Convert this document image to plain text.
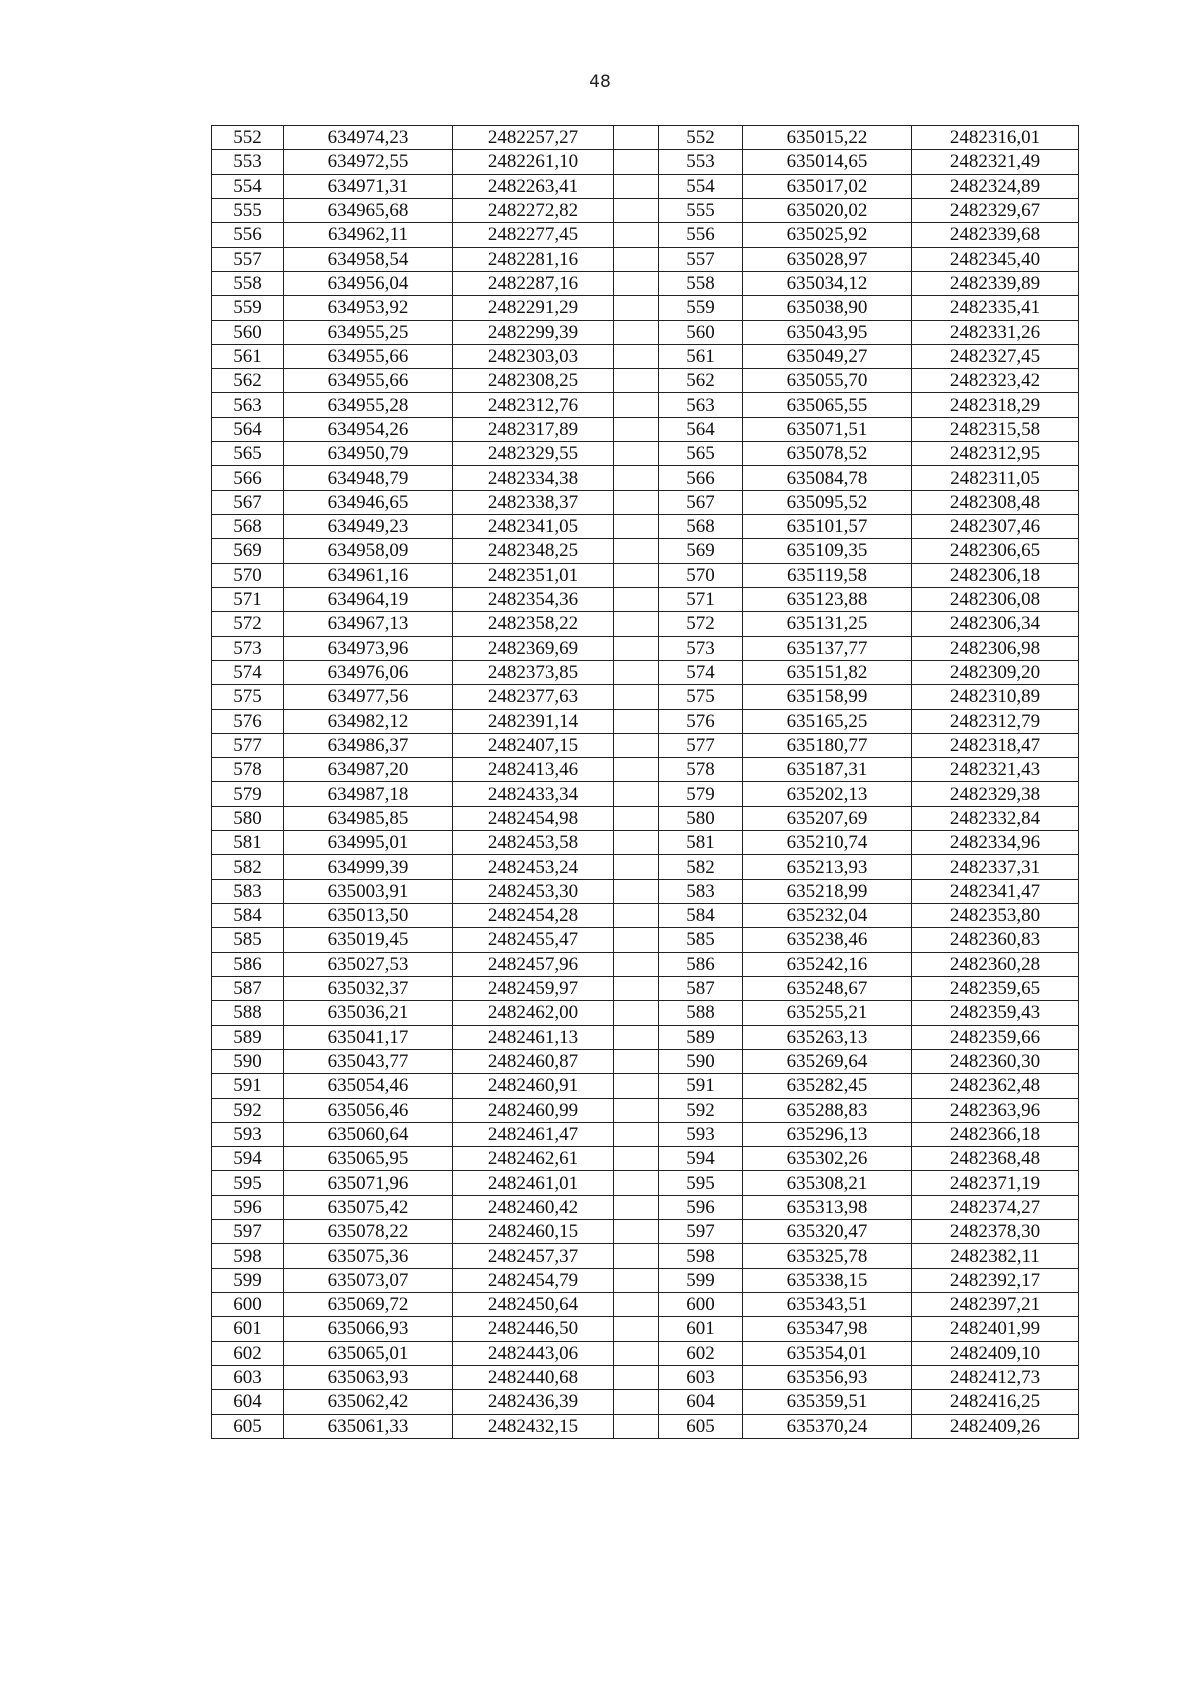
48
552	634974,23	2482257,27		552	635015,22	2482316,01
553	634972,55	2482261,10		553	635014,65	2482321,49
554	634971,31	2482263,41		554	635017,02	2482324,89
555	634965,68	2482272,82		555	635020,02	2482329,67
556	634962,11	2482277,45		556	635025,92	2482339,68
557	634958,54	2482281,16		557	635028,97	2482345,40
558	634956,04	2482287,16		558	635034,12	2482339,89
559	634953,92	2482291,29		559	635038,90	2482335,41
560	634955,25	2482299,39		560	635043,95	2482331,26
561	634955,66	2482303,03		561	635049,27	2482327,45
562	634955,66	2482308,25		562	635055,70	2482323,42
563	634955,28	2482312,76		563	635065,55	2482318,29
564	634954,26	2482317,89		564	635071,51	2482315,58
565	634950,79	2482329,55		565	635078,52	2482312,95
566	634948,79	2482334,38		566	635084,78	2482311,05
567	634946,65	2482338,37		567	635095,52	2482308,48
568	634949,23	2482341,05		568	635101,57	2482307,46
569	634958,09	2482348,25		569	635109,35	2482306,65
570	634961,16	2482351,01		570	635119,58	2482306,18
571	634964,19	2482354,36		571	635123,88	2482306,08
572	634967,13	2482358,22		572	635131,25	2482306,34
573	634973,96	2482369,69		573	635137,77	2482306,98
574	634976,06	2482373,85		574	635151,82	2482309,20
575	634977,56	2482377,63		575	635158,99	2482310,89
576	634982,12	2482391,14		576	635165,25	2482312,79
577	634986,37	2482407,15		577	635180,77	2482318,47
578	634987,20	2482413,46		578	635187,31	2482321,43
579	634987,18	2482433,34		579	635202,13	2482329,38
580	634985,85	2482454,98		580	635207,69	2482332,84
581	634995,01	2482453,58		581	635210,74	2482334,96
582	634999,39	2482453,24		582	635213,93	2482337,31
583	635003,91	2482453,30		583	635218,99	2482341,47
584	635013,50	2482454,28		584	635232,04	2482353,80
585	635019,45	2482455,47		585	635238,46	2482360,83
586	635027,53	2482457,96		586	635242,16	2482360,28
587	635032,37	2482459,97		587	635248,67	2482359,65
588	635036,21	2482462,00		588	635255,21	2482359,43
589	635041,17	2482461,13		589	635263,13	2482359,66
590	635043,77	2482460,87		590	635269,64	2482360,30
591	635054,46	2482460,91		591	635282,45	2482362,48
592	635056,46	2482460,99		592	635288,83	2482363,96
593	635060,64	2482461,47		593	635296,13	2482366,18
594	635065,95	2482462,61		594	635302,26	2482368,48
595	635071,96	2482461,01		595	635308,21	2482371,19
596	635075,42	2482460,42		596	635313,98	2482374,27
597	635078,22	2482460,15		597	635320,47	2482378,30
598	635075,36	2482457,37		598	635325,78	2482382,11
599	635073,07	2482454,79		599	635338,15	2482392,17
600	635069,72	2482450,64		600	635343,51	2482397,21
601	635066,93	2482446,50		601	635347,98	2482401,99
602	635065,01	2482443,06		602	635354,01	2482409,10
603	635063,93	2482440,68		603	635356,93	2482412,73
604	635062,42	2482436,39		604	635359,51	2482416,25
605	635061,33	2482432,15		605	635370,24	2482409,26
